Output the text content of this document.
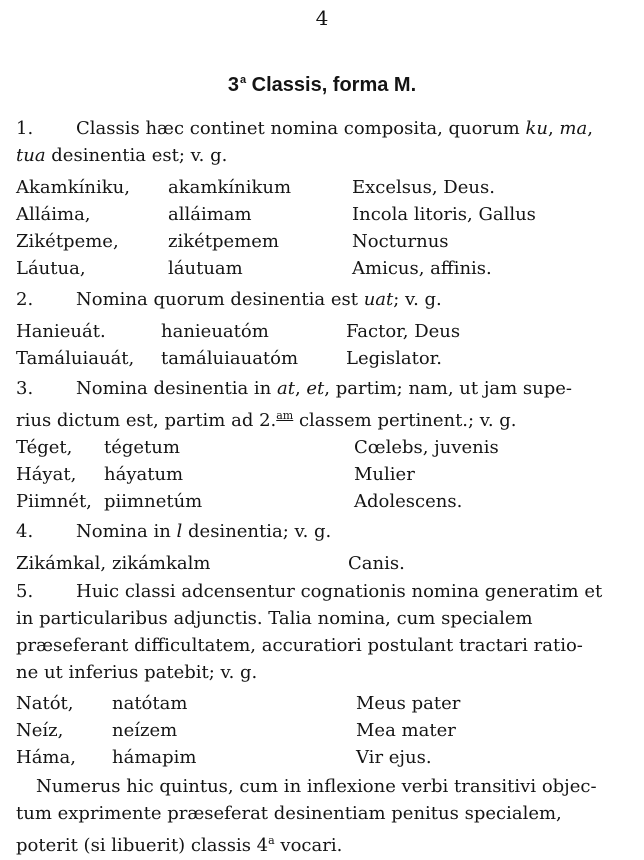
4
3$^a$ Classis, forma M.
1. Classis hæc continet nomina composita, quorum ku, ma,
tua desinentia est; v. g.
Akamkíniku, akamkínikum	Excelsus, Deus.
Alláima,	alláimam	Incola litoris, Gallus
Zikétpeme,	zikétpemem	Nocturnus
Láutua,	láutuam	Amicus, affinis.
2. Nomina quorum desinentia est uat; v. g.
Hanieuát.	hanieuatóm	Factor, Deus
Tamáluiauát, tamáluiauatóm	Legislator.
3. Nomina desinentia in at, et, partim; nam, ut jam supe-
rius dictum est, partim ad 2.$^{am}$ classem pertinent.; v. g.
Téget, tégetum	Cœlebs, juvenis
Háyat, háyatum	Mulier
Piimnét, piimnetúm	Adolescens.
4. Nomina in l desinentia; v. g.
Zikámkal, zikámkalm	Canis.
5. Huic classi adcensentur cognationis nomina generatim et
in particularibus adjunctis. Talia nomina, cum specialem
præseferant difficultatem, accuratiori postulant tractari ratio-
ne ut inferius patebit; v. g.
Natót, natótam	Meus pater
Neíz,	neízem	Mea mater
Háma, hámapim	Vir ejus.
Numerus hic quintus, cum in inflexione verbi transitivi objec-
tum exprimente præseferat desinentiam penitus specialem,
poterit (si libuerit) classis 4$^a$ vocari.
